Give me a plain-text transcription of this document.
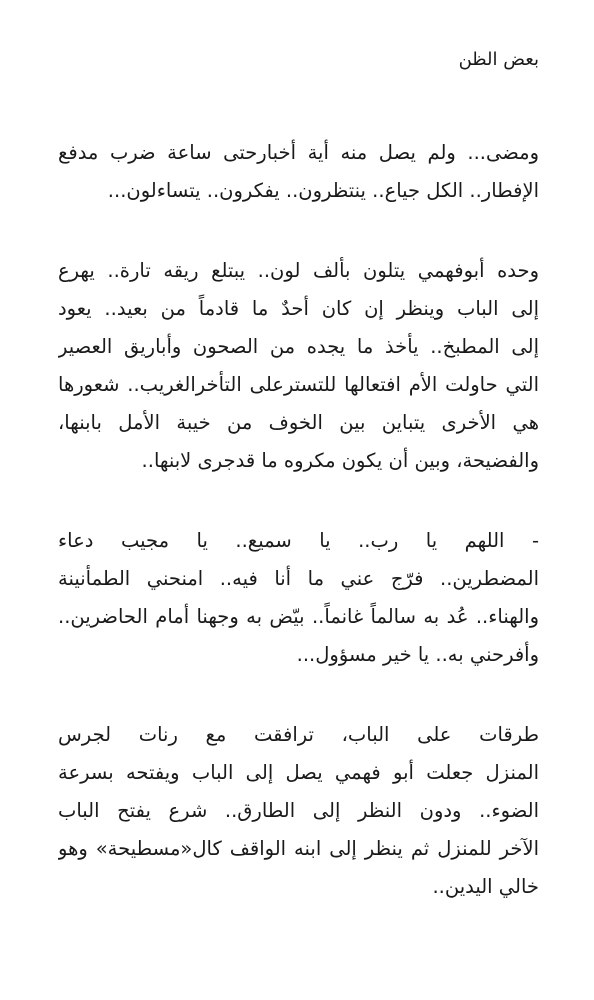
بعض الظن

ومضى... ولم يصل منه أية أخبارحتى ساعة ضرب مدفع
الإفطار.. الكل جياع.. ينتظرون.. يفكرون.. يتساءلون...

وحده أبوفهمي يتلون بألف لون.. يبتلع ريقه تارة.. يهرع
إلى الباب وينظر إن كان أحدٌ ما قادماً من بعيد.. يعود
إلى المطبخ.. يأخذ ما يجده من الصحون وأباريق العصير
التي حاولت الأم افتعالها للتسترعلى التأخرالغريب.. شعورها
هي الأخرى يتباين بين الخوف من خيبة الأمل بابنها،
والفضيحة، وبين أن يكون مكروه ما قدجرى لابنها..

- اللهم يا رب.. يا سميع.. يا مجيب دعاء
المضطرين.. فرّج عني ما أنا فيه.. امنحني الطمأنينة
والهناء.. عُد به سالماً غانماً.. بيّض به وجهنا أمام الحاضرين..
وأفرحني به.. يا خير مسؤول...

طرقات على الباب، ترافقت مع رنات لجرس
المنزل جعلت أبو فهمي يصل إلى الباب ويفتحه بسرعة
الضوء.. ودون النظر إلى الطارق.. شرع يفتح الباب
الآخر للمنزل ثم ينظر إلى ابنه الواقف كال«مسطيحة» وهو
خالي اليدين..
